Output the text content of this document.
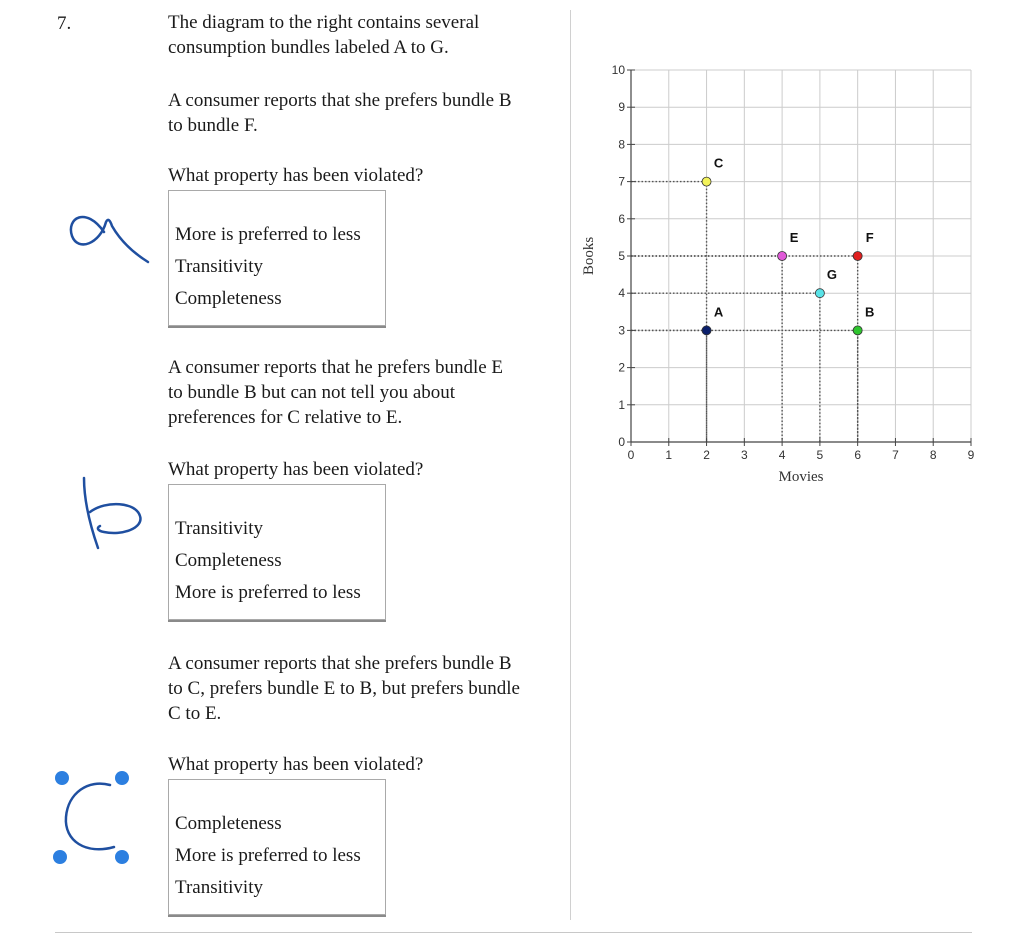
7.	The diagram to the right contains several
consumption bundles labeled A to G.

A consumer reports that she prefers bundle B
to bundle F.

What property has been violated?

More is preferred to less
Transitivity
Completeness

A consumer reports that he prefers bundle E
to bundle B but can not tell you about
preferences for C relative to E.

What property has been violated?

Transitivity
Completeness
More is preferred to less

A consumer reports that she prefers bundle B
to C, prefers bundle E to B, but prefers bundle
C to E.

What property has been violated?

Completeness
More is preferred to less
Transitivity
0	1	2	3	4	5	6	7	8	9
0
1
2
3
4
5
6
7
8
9
10
A	B
C
E	F
G
Movies
Books
